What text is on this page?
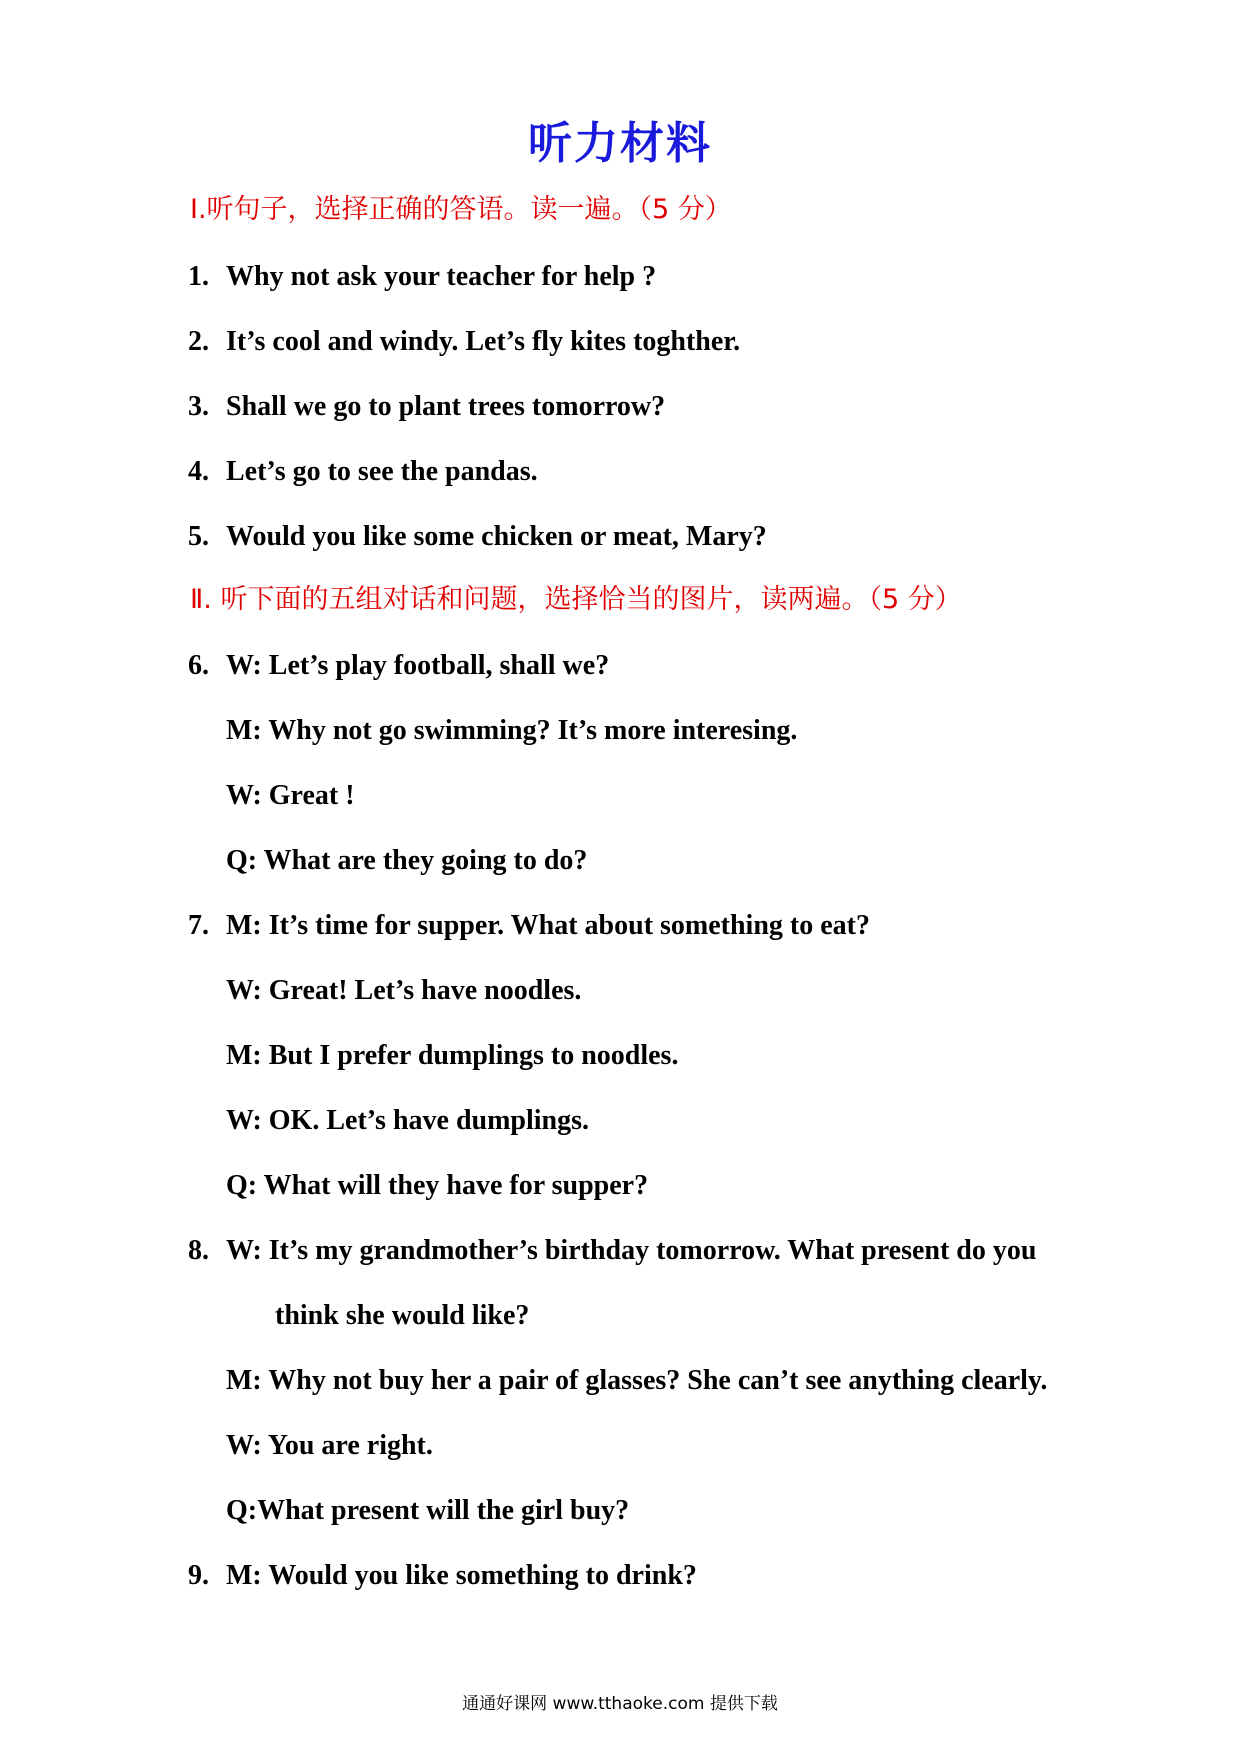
听力材料
Ⅰ.听句子，选择正确的答语。读一遍。（5 分）
1. Why not ask your teacher for help ?
2. It’s cool and windy. Let’s fly kites toghther.
3. Shall we go to plant trees tomorrow?
4. Let’s go to see the pandas.
5. Would you like some chicken or meat, Mary?
Ⅱ. 听下面的五组对话和问题，选择恰当的图片，读两遍。（5 分）
6. W: Let’s play football, shall we?
M: Why not go swimming? It’s more interesing.
W: Great !
Q: What are they going to do?
7. M: It’s time for supper. What about something to eat?
W: Great! Let’s have noodles.
M: But I prefer dumplings to noodles.
W: OK. Let’s have dumplings.
Q: What will they have for supper?
8. W: It’s my grandmother’s birthday tomorrow. What present do you
think she would like?
M: Why not buy her a pair of glasses? She can’t see anything clearly.
W: You are right.
Q:What present will the girl buy?
9. M: Would you like something to drink?
通通好课网 www.tthaoke.com 提供下载
